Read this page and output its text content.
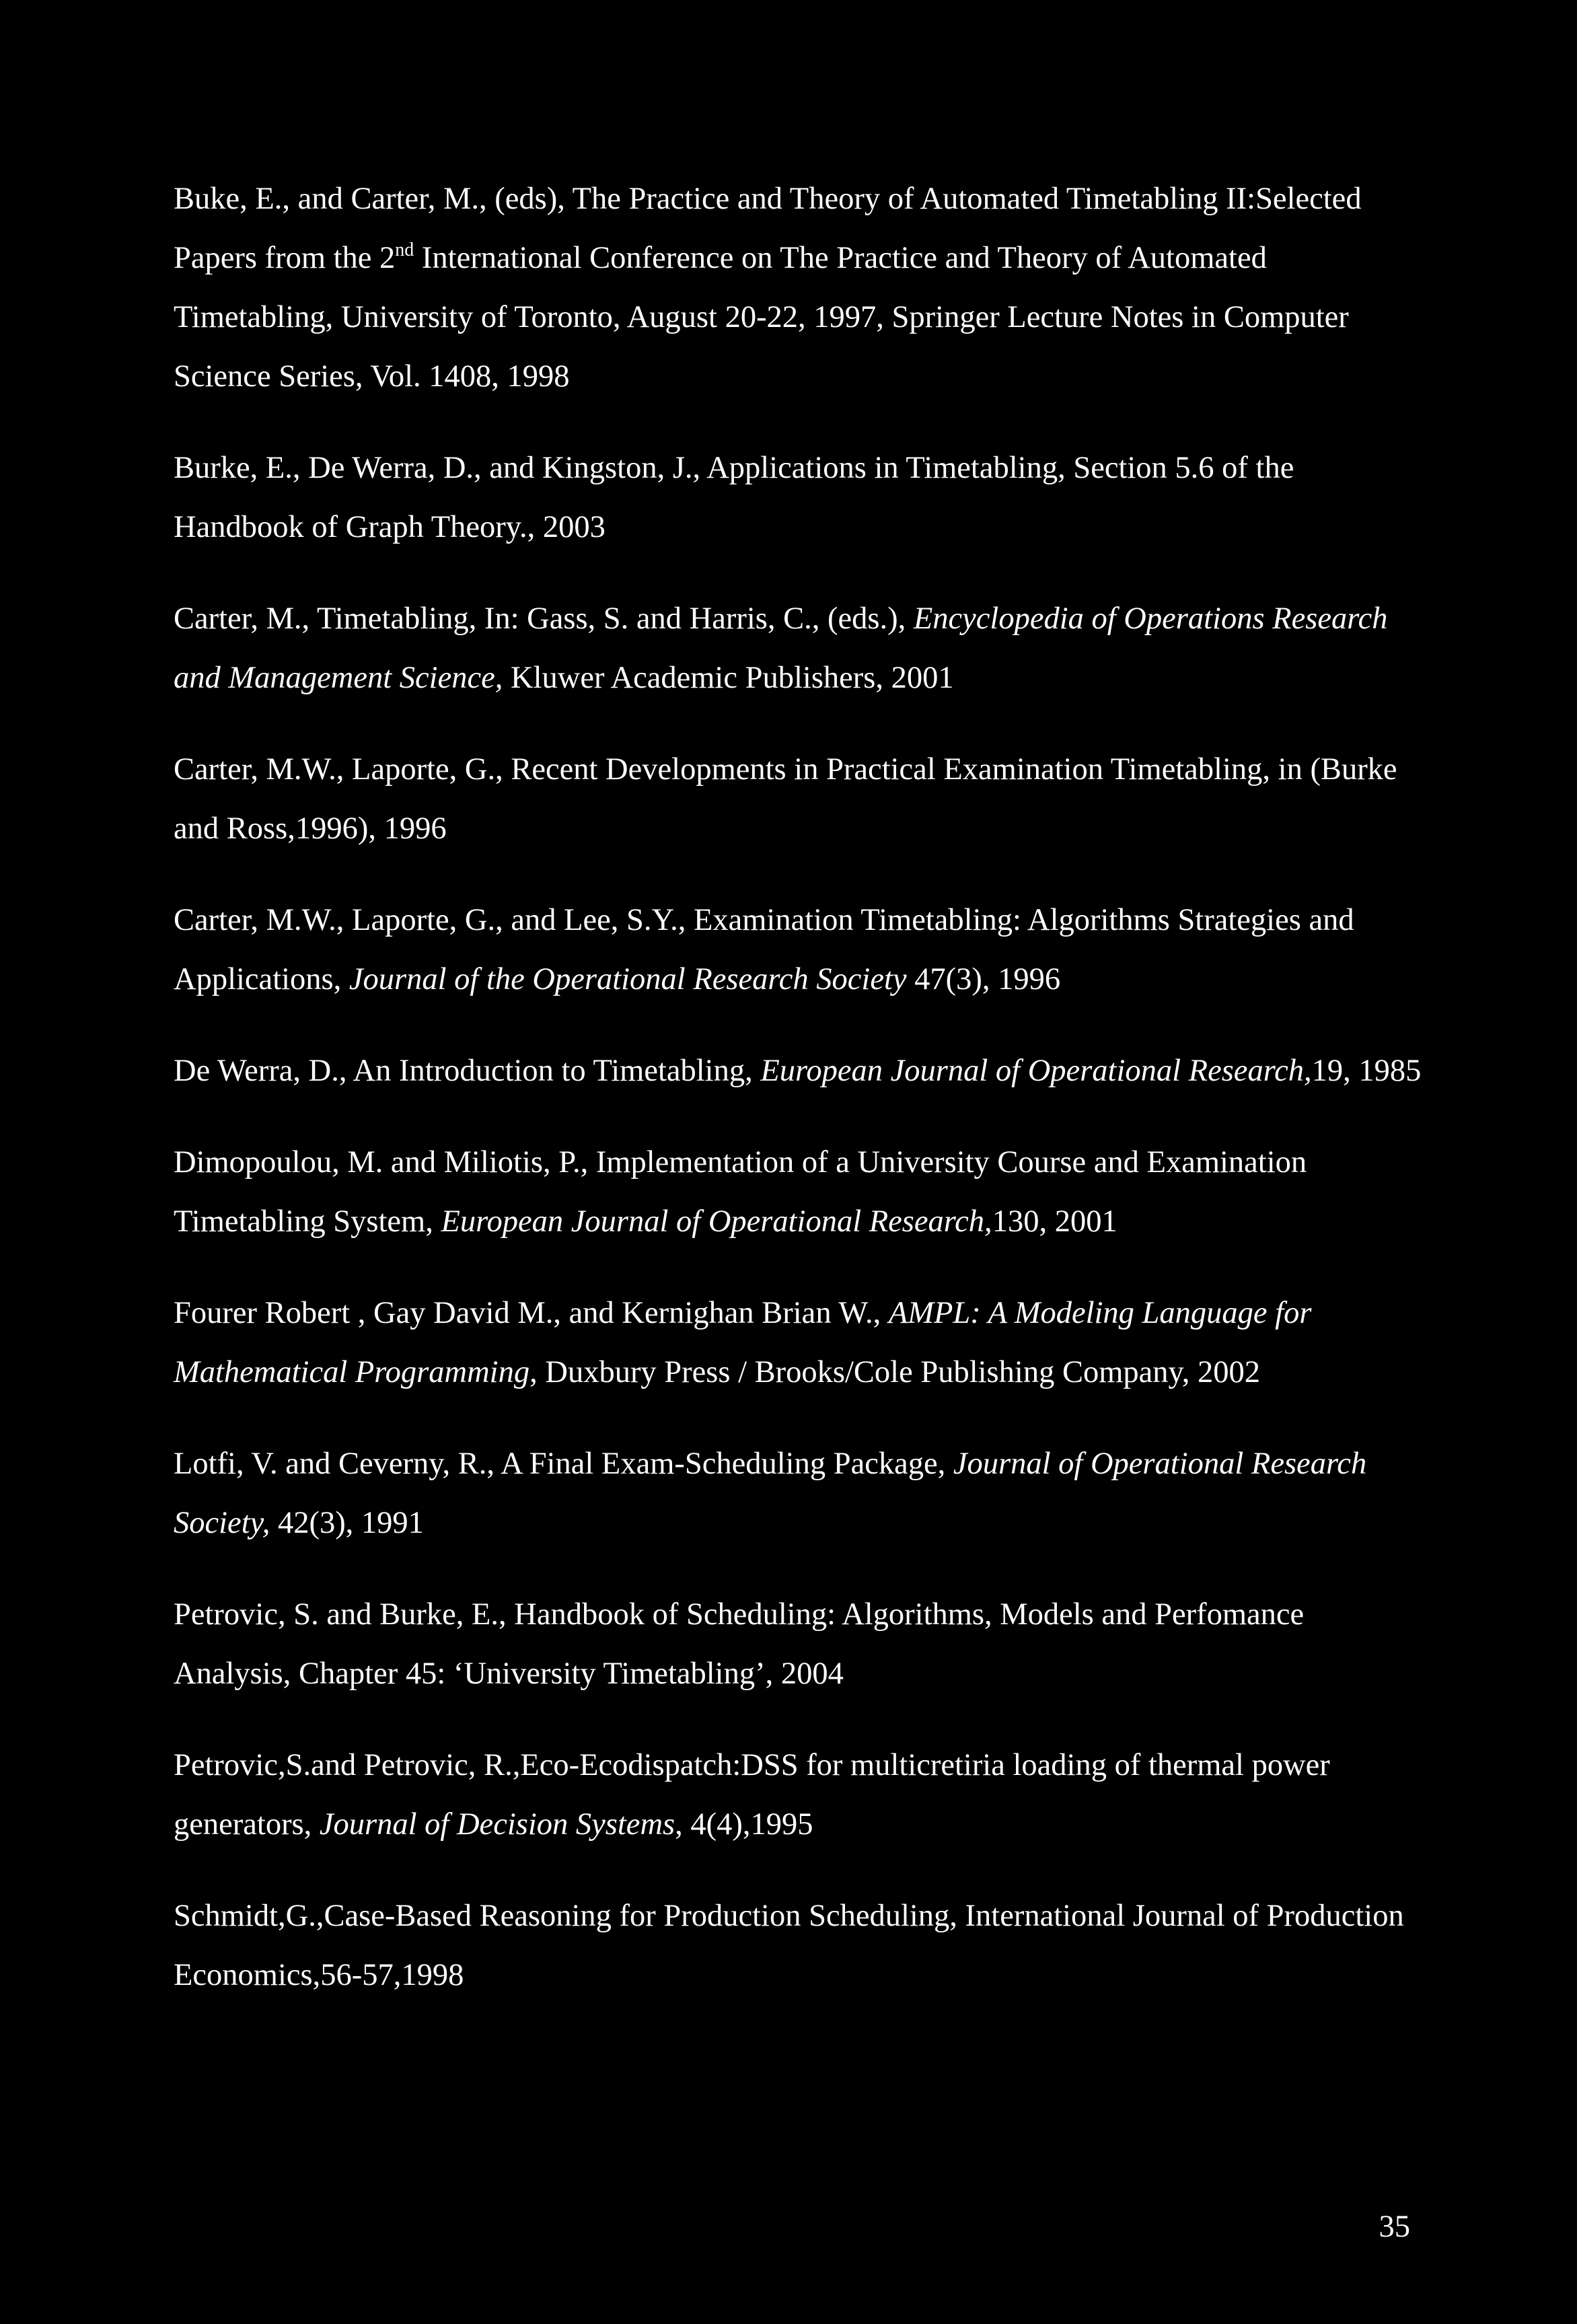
Buke, E., and Carter, M., (eds), The Practice and Theory of Automated Timetabling II:Selected Papers from the 2nd International Conference on The Practice and Theory of Automated Timetabling, University of Toronto, August 20-22, 1997, Springer Lecture Notes in Computer Science Series, Vol. 1408, 1998
Burke, E., De Werra, D., and Kingston, J., Applications in Timetabling, Section 5.6 of the Handbook of Graph Theory., 2003
Carter, M., Timetabling, In: Gass, S. and Harris, C., (eds.), Encyclopedia of Operations Research and Management Science, Kluwer Academic Publishers, 2001
Carter, M.W., Laporte, G., Recent Developments in Practical Examination Timetabling, in (Burke and Ross,1996), 1996
Carter, M.W., Laporte, G., and Lee, S.Y., Examination Timetabling: Algorithms Strategies and Applications, Journal of the Operational Research Society 47(3), 1996
De Werra, D., An Introduction to Timetabling, European Journal of Operational Research,19, 1985
Dimopoulou, M. and Miliotis, P., Implementation of a University Course and Examination Timetabling System, European Journal of Operational Research,130, 2001
Fourer Robert , Gay David M., and Kernighan Brian W., AMPL: A Modeling Language for Mathematical Programming, Duxbury Press / Brooks/Cole Publishing Company, 2002
Lotfi, V. and Ceverny, R., A Final Exam-Scheduling Package, Journal of Operational Research Society, 42(3), 1991
Petrovic, S. and Burke, E., Handbook of Scheduling: Algorithms, Models and Perfomance Analysis, Chapter 45: ‘University Timetabling’, 2004
Petrovic,S.and Petrovic, R.,Eco-Ecodispatch:DSS for multicretiria loading of thermal power generators, Journal of Decision Systems, 4(4),1995
Schmidt,G.,Case-Based Reasoning for Production Scheduling, International Journal of Production Economics,56-57,1998

35
